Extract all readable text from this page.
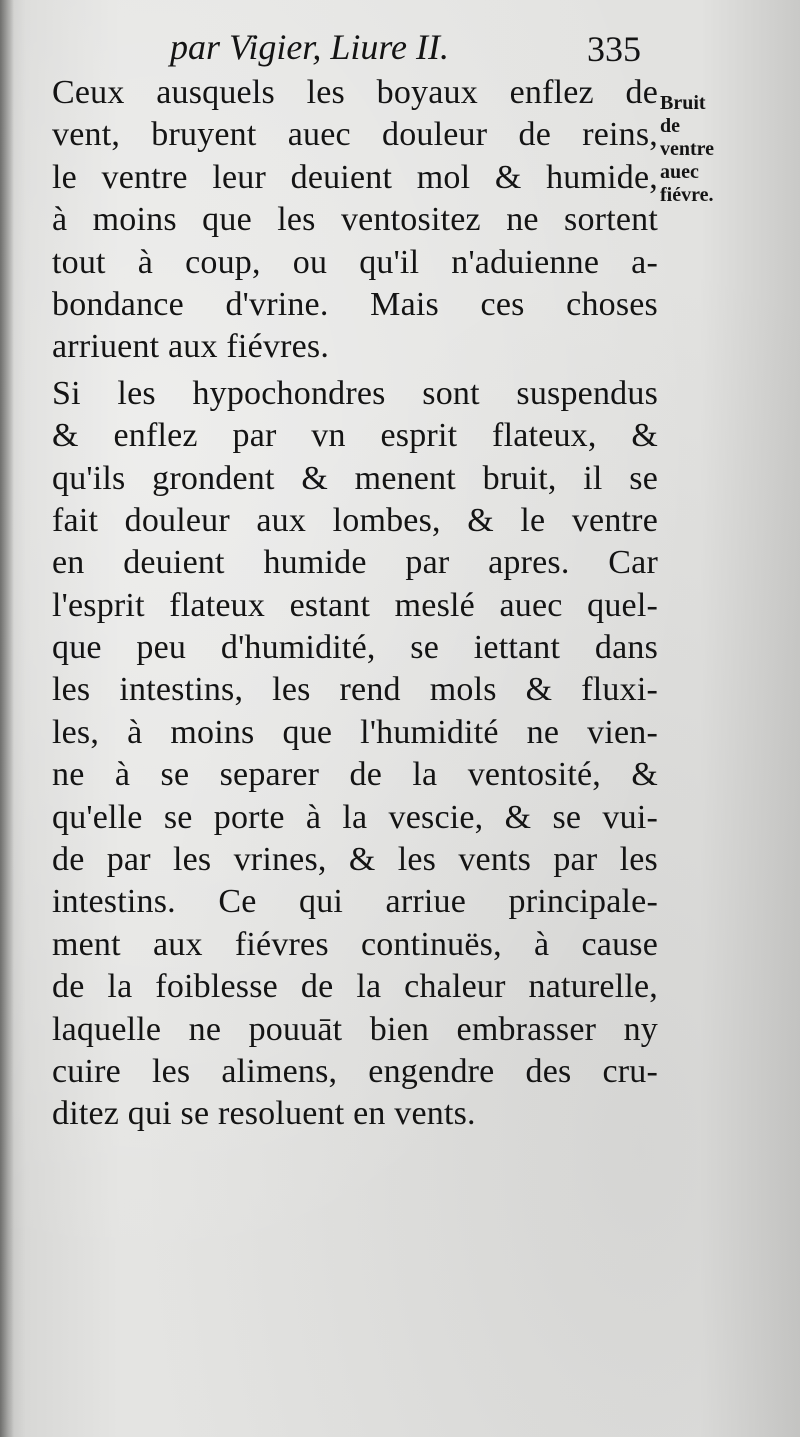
par Vigier, Liure II.	335
Bruit
de
ventre
auec
fiévre.
Ceux ausquels les boyaux enflez de
vent, bruyent auec douleur de reins,
le ventre leur deuient mol & humide,
à moins que les ventositez ne sortent
tout à coup, ou qu'il n'aduienne a-
bondance d'vrine. Mais ces choses
arriuent aux fiévres.
Si les hypochondres sont suspendus
& enflez par vn esprit flateux, &
qu'ils grondent & menent bruit, il se
fait douleur aux lombes, & le ventre
en deuient humide par apres. Car
l'esprit flateux estant meslé auec quel-
que peu d'humidité, se iettant dans
les intestins, les rend mols & fluxi-
les, à moins que l'humidité ne vien-
ne à se separer de la ventosité, &
qu'elle se porte à la vescie, & se vui-
de par les vrines, & les vents par les
intestins. Ce qui arriue principale-
ment aux fiévres continuës, à cause
de la foiblesse de la chaleur naturelle,
laquelle ne pouuāt bien embrasser ny
cuire les alimens, engendre des cru-
ditez qui se resoluent en vents.
